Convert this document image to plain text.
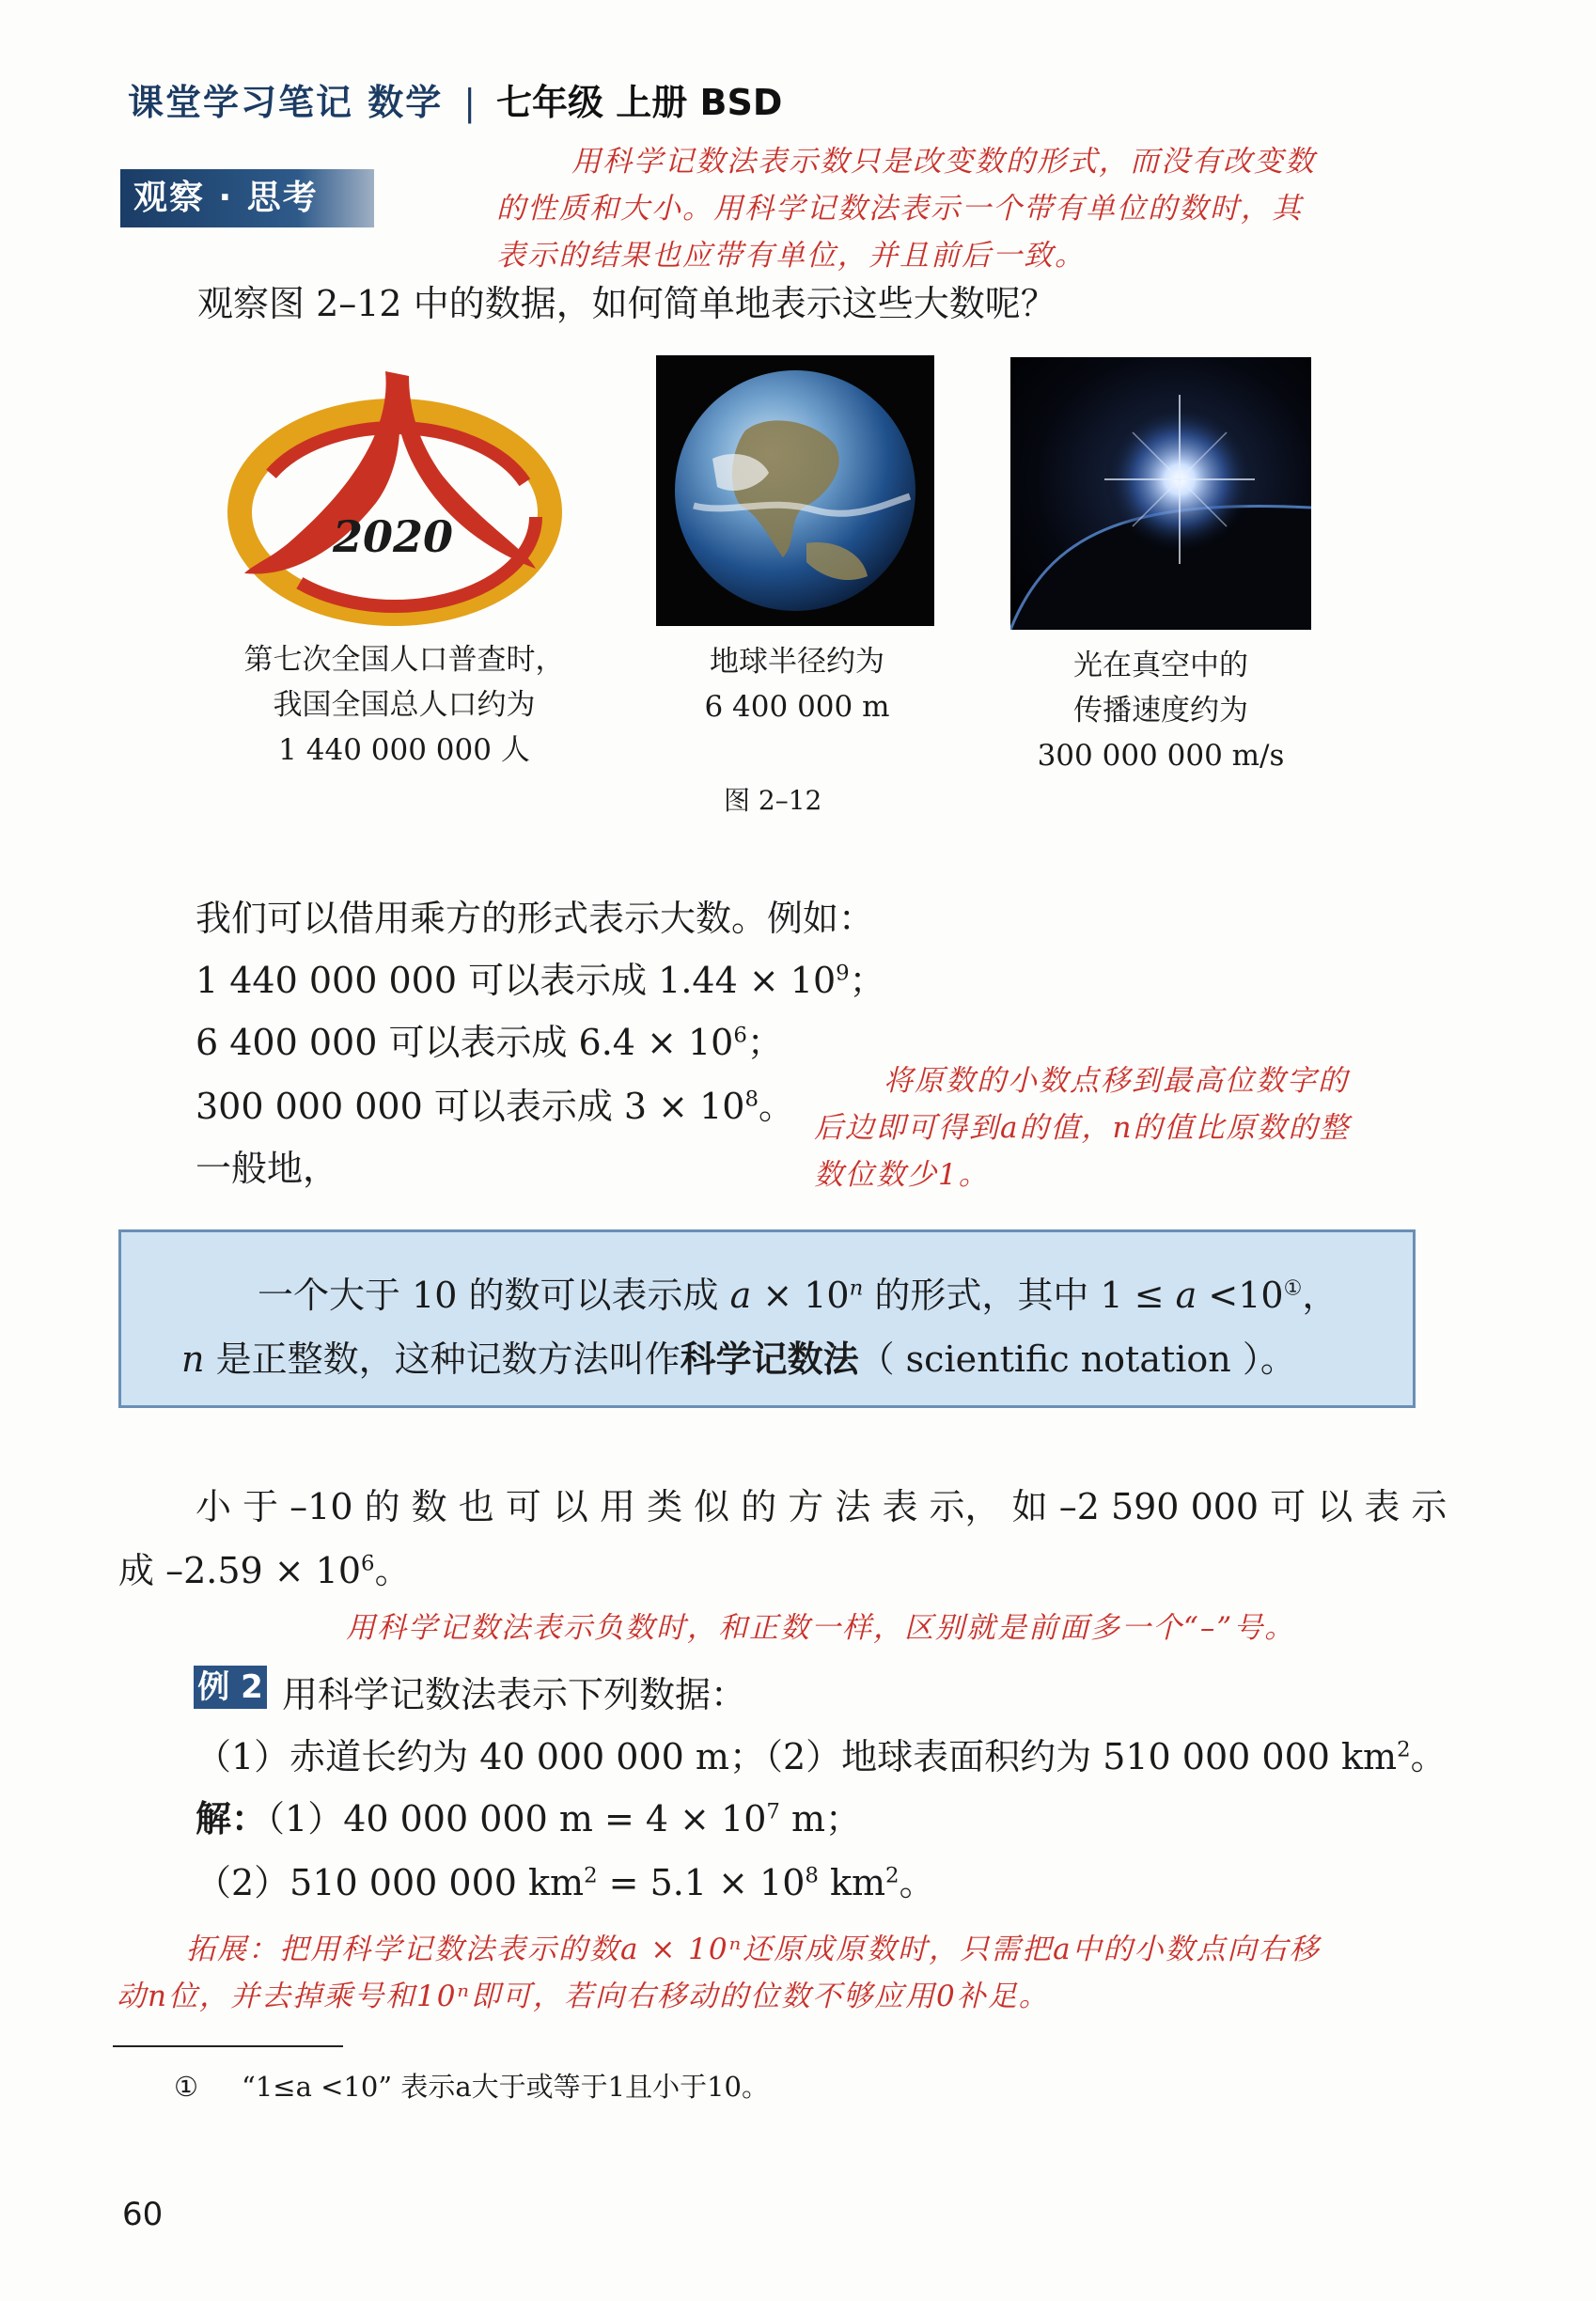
课堂学习笔记 数学 | 七年级 上册 BSD
观察 · 思考
用科学记数法表示数只是改变数的形式，而没有改变数
的性质和大小。用科学记数法表示一个带有单位的数时，其
表示的结果也应带有单位，并且前后一致。
观察图 2–12 中的数据，如何简单地表示这些大数呢？
2020
第七次全国人口普查时，
我国全国总人口约为
1 440 000 000 人
地球半径约为
6 400 000 m
光在真空中的
传播速度约为
300 000 000 m/s
图 2–12
我们可以借用乘方的形式表示大数。例如：
1 440 000 000 可以表示成 $1.44 \times 10^9$；
6 400 000 可以表示成 $6.4 \times 10^6$；
300 000 000 可以表示成 $3 \times 10^8$。
一般地，
将原数的小数点移到最高位数字的
后边即可得到a的值，n的值比原数的整
数位数少1。
一个大于 10 的数可以表示成 $a \times 10^n$ 的形式，其中 1 ≤ a <10①，
n 是正整数，这种记数方法叫作科学记数法（ scientific notation ）。
小 于 –10 的 数 也 可 以 用 类 似 的 方 法 表 示， 如 –2 590 000 可 以 表 示
成 $-2.59 \times 10^6$。
用科学记数法表示负数时，和正数一样，区别就是前面多一个“–”号。
例 2 用科学记数法表示下列数据：
（1）赤道长约为 40 000 000 m；（2）地球表面积约为 510 000 000 $km^2$。
解：（1）40 000 000 $m = 4 \times 10^7$ m；
（2）510 000 000 $km^2 = 5.1 \times 10^8$ $km^2$。
拓展：把用科学记数法表示的数a × 10ⁿ还原成原数时，只需把a中的小数点向右移
动n位，并去掉乘号和10ⁿ即可，若向右移动的位数不够应用0补足。
① “1≤a <10” 表示a大于或等于1且小于10。
60
